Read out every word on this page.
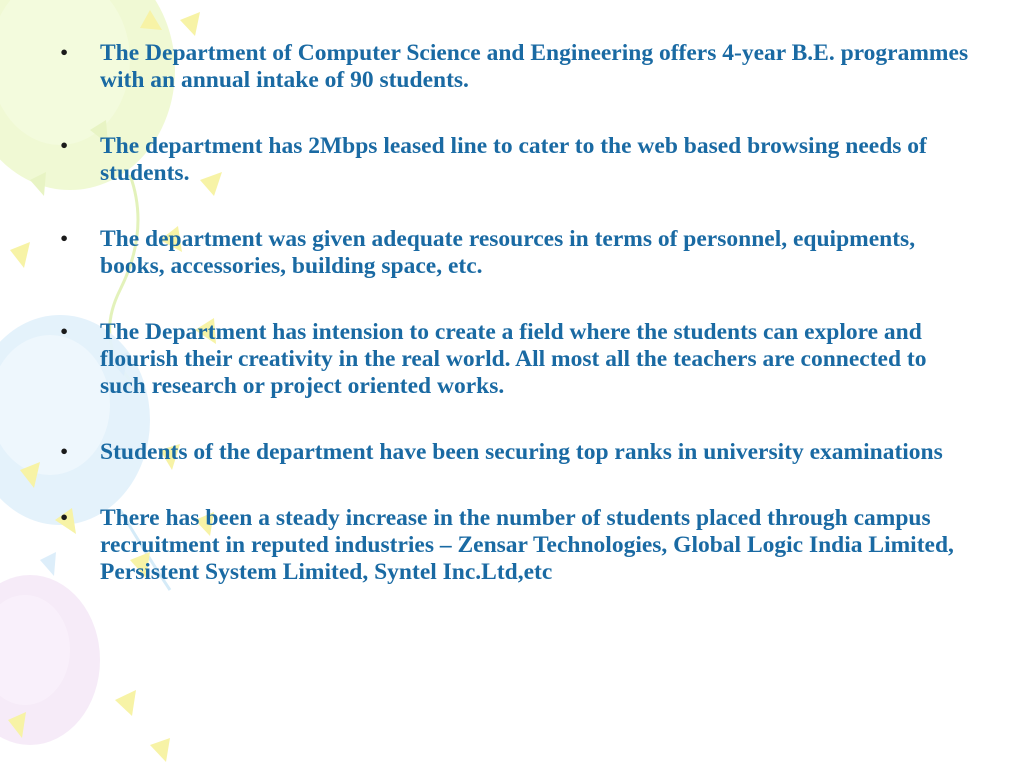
•	The Department of Computer Science and Engineering offers 4-year B.E. programmes with an annual intake of 90 students.
•	The department has 2Mbps leased line to cater to the web based browsing needs of students.
•	The department was given adequate resources in terms of personnel, equipments, books, accessories, building space, etc.
•	The Department has intension to create a field where the students can explore and flourish their creativity in the real world. All most all the teachers are connected to such research or project oriented works.
•	Students of the department have been securing top ranks in university examinations
•	There has been a steady increase in the number of students placed through campus recruitment in reputed industries – Zensar Technologies, Global Logic India Limited, Persistent System Limited, Syntel Inc.Ltd,etc
